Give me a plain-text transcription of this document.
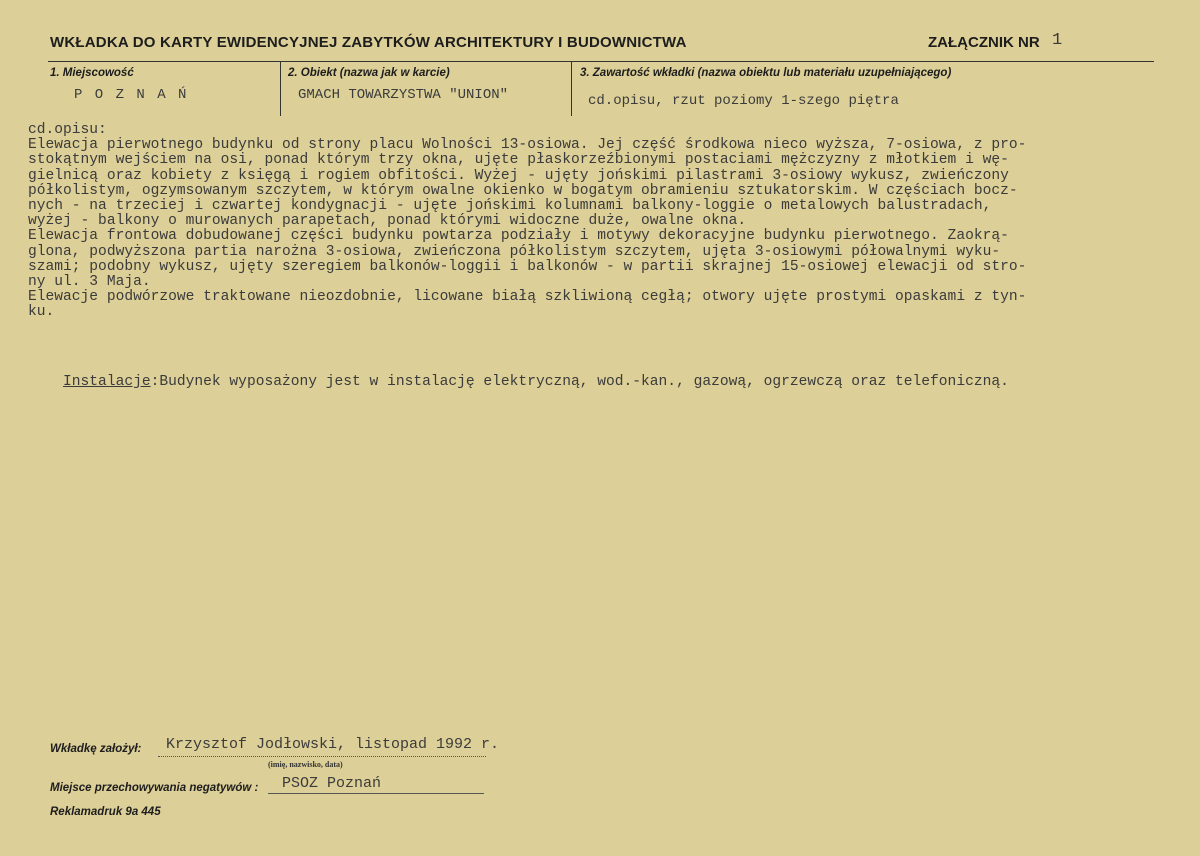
WKŁADKA DO KARTY EWIDENCYJNEJ ZABYTKÓW ARCHITEKTURY I BUDOWNICTWA	ZAŁĄCZNIK NR 1
1. Miejscowość	2. Obiekt (nazwa jak w karcie)	3. Zawartość wkładki (nazwa obiektu lub materiału uzupełniającego)
P O Z N A Ń	GMACH TOWARZYSTWA "UNION"	cd.opisu, rzut poziomy 1-szego piętra
cd.opisu:
Elewacja pierwotnego budynku od strony placu Wolności 13-osiowa. Jej część środkowa nieco wyższa, 7-osiowa, z pro-
stokątnym wejściem na osi, ponad którym trzy okna, ujęte płaskorzeźbionymi postaciami mężczyzny z młotkiem i wę-
gielnicą oraz kobiety z księgą i rogiem obfitości. Wyżej - ujęty jońskimi pilastrami 3-osiowy wykusz, zwieńczony
półkolistym, ogzymsowanym szczytem, w którym owalne okienko w bogatym obramieniu sztukatorskim. W częściach bocz-
nych - na trzeciej i czwartej kondygnacji - ujęte jońskimi kolumnami balkony-loggie o metalowych balustradach,
wyżej - balkony o murowanych parapetach, ponad którymi widoczne duże, owalne okna.
Elewacja frontowa dobudowanej części budynku powtarza podziały i motywy dekoracyjne budynku pierwotnego. Zaokrą-
glona, podwyższona partia narożna 3-osiowa, zwieńczona półkolistym szczytem, ujęta 3-osiowymi półowalnymi wyku-
szami; podobny wykusz, ujęty szeregiem balkonów-loggii i balkonów - w partii skrajnej 15-osiowej elewacji od stro-
ny ul. 3 Maja.
Elewacje podwórzowe traktowane nieozdobnie, licowane białą szkliwioną cegłą; otwory ujęte prostymi opaskami z tyn-
ku.

Instalacje:Budynek wyposażony jest w instalację elektryczną, wod.-kan., gazową, ogrzewczą oraz telefoniczną.

Wkładkę założył: Krzysztof Jodłowski, listopad 1992 r.
(imię, nazwisko, data)
Miejsce przechowywania negatywów : PSOZ Poznań
Reklamadruk 9a 445
